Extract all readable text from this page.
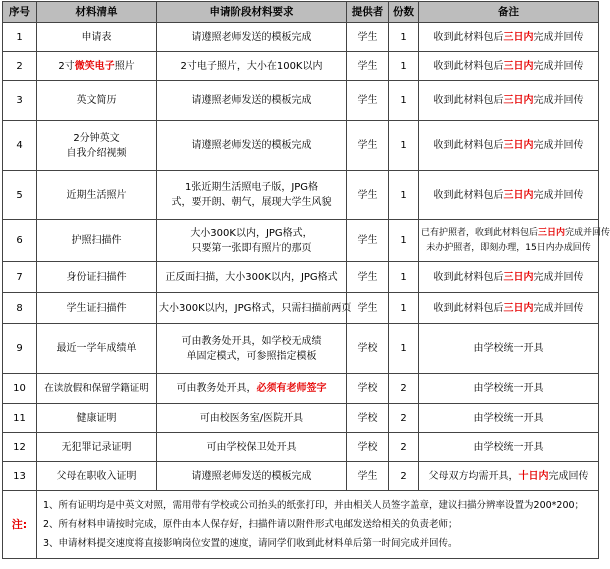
序号	材料清单	申请阶段材料要求	提供者	份数	备注
1	申请表	请遵照老师发送的模板完成	学生	1	收到此材料包后三日内完成并回传
2	2寸微笑电子照片	2寸电子照片，大小在100K以内	学生	1	收到此材料包后三日内完成并回传
3	英文简历	请遵照老师发送的模板完成	学生	1	收到此材料包后三日内完成并回传
4	2分钟英文
自我介绍视频	请遵照老师发送的模板完成	学生	1	收到此材料包后三日内完成并回传
5	近期生活照片	1张近期生活照电子版，JPG格
式，要开朗、朝气，展现大学生风貌	学生	1	收到此材料包后三日内完成并回传
6	护照扫描件	大小300K以内，JPG格式，
只要第一张即有照片的那页	学生	1	已有护照者，收到此材料包后三日内完成并回传
未办护照者，即刻办理，15日内办成回传

7	身份证扫描件	正反面扫描，大小300K以内，JPG格式	学生	1	收到此材料包后三日内完成并回传
8	学生证扫描件	大小300K以内，JPG格式，只需扫描前两页	学生	1	收到此材料包后三日内完成并回传
9	最近一学年成绩单	可由教务处开具，如学校无成绩
单固定模式，可参照指定模板	学校	1	由学校统一开具
10	在读放假和保留学籍证明	可由教务处开具，必须有老师签字	学校	2	由学校统一开具
11	健康证明	可由校医务室/医院开具	学校	2	由学校统一开具
12	无犯罪记录证明	可由学校保卫处开具	学校	2	由学校统一开具
13	父母在职收入证明	请遵照老师发送的模板完成	学生	2	父母双方均需开具，十日内完成回传
注:	1、所有证明均是中英文对照，需用带有学校或公司抬头的纸张打印，并由相关人员签字盖章，建议扫描分辨率设置为200*200；
2、所有材料申请按时完成，原件由本人保存好，扫描件请以附件形式电邮发送给相关的负责老师；
3、申请材料提交速度将直接影响岗位安置的速度，请同学们收到此材料单后第一时间完成并回传。				
